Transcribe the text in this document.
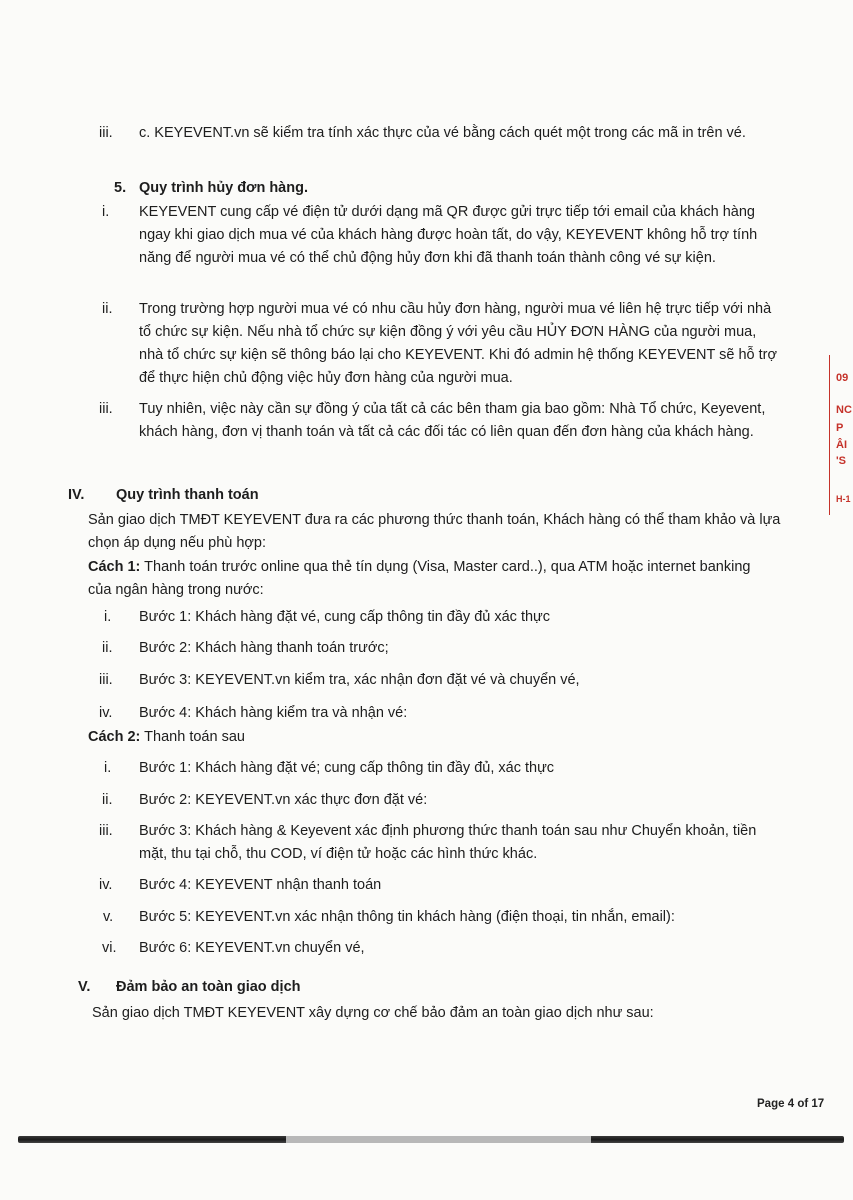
iii.	c. KEYEVENT.vn sẽ kiểm tra tính xác thực của vé bằng cách quét một trong các mã in trên vé.
5. Quy trình hủy đơn hàng.
i.	KEYEVENT cung cấp vé điện tử dưới dạng mã QR được gửi trực tiếp tới email của khách hàng ngay khi giao dịch mua vé của khách hàng được hoàn tất, do vậy, KEYEVENT không hỗ trợ tính năng để người mua vé có thể chủ động hủy đơn khi đã thanh toán thành công vé sự kiện.
ii.	Trong trường hợp người mua vé có nhu cầu hủy đơn hàng, người mua vé liên hệ trực tiếp với nhà tổ chức sự kiện. Nếu nhà tổ chức sự kiện đồng ý với yêu cầu HỦY ĐƠN HÀNG của người mua, nhà tổ chức sự kiện sẽ thông báo lại cho KEYEVENT. Khi đó admin hệ thống KEYEVENT sẽ hỗ trợ để thực hiện chủ động việc hủy đơn hàng của người mua.
iii.	Tuy nhiên, việc này cần sự đồng ý của tất cả các bên tham gia bao gồm: Nhà Tổ chức, Keyevent, khách hàng, đơn vị thanh toán và tất cả các đối tác có liên quan đến đơn hàng của khách hàng.
IV.	Quy trình thanh toán
Sản giao dịch TMĐT KEYEVENT đưa ra các phương thức thanh toán, Khách hàng có thể tham khảo và lựa chọn áp dụng nếu phù hợp:
Cách 1: Thanh toán trước online qua thẻ tín dụng (Visa, Master card..), qua ATM hoặc internet banking của ngân hàng trong nước:
i.	Bước 1: Khách hàng đặt vé, cung cấp thông tin đầy đủ xác thực
ii.	Bước 2: Khách hàng thanh toán trước;
iii.	Bước 3: KEYEVENT.vn kiểm tra, xác nhận đơn đặt vé và chuyển vé,
iv.	Bước 4: Khách hàng kiểm tra và nhận vé:
Cách 2: Thanh toán sau
i.	Bước 1: Khách hàng đặt vé; cung cấp thông tin đầy đủ, xác thực
ii.	Bước 2: KEYEVENT.vn xác thực đơn đặt vé:
iii.	Bước 3: Khách hàng & Keyevent xác định phương thức thanh toán sau như Chuyển khoản, tiền mặt, thu tại chỗ, thu COD, ví điện tử hoặc các hình thức khác.
iv.	Bước 4: KEYEVENT nhận thanh toán
v.	Bước 5: KEYEVENT.vn xác nhận thông tin khách hàng (điện thoại, tin nhắn, email):
vi.	Bước 6: KEYEVENT.vn chuyển vé,
V.	Đảm bảo an toàn giao dịch
Sản giao dịch TMĐT KEYEVENT xây dựng cơ chế bảo đảm an toàn giao dịch như sau:
09
NC
P
ÂI
'S
H-1
Page 4 of 17
